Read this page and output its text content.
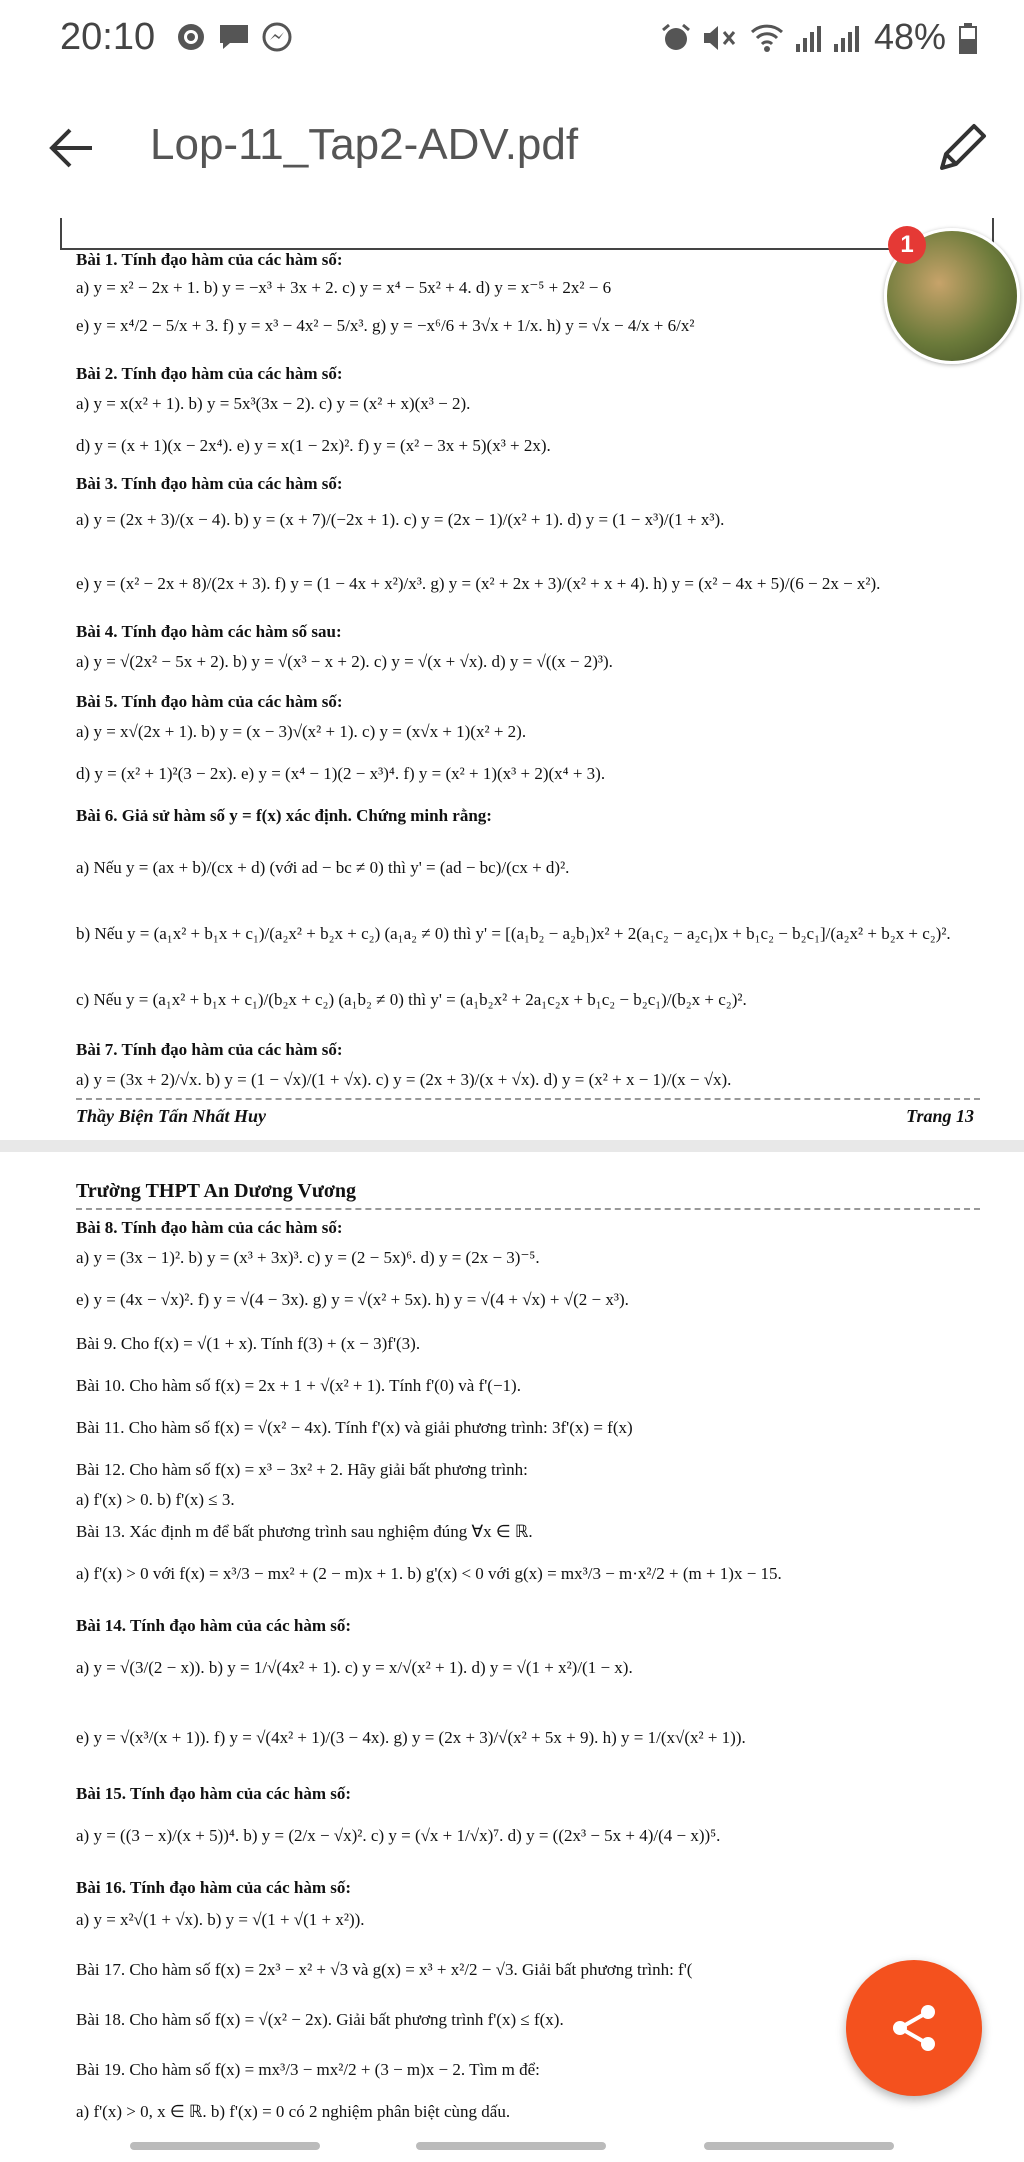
20:10	48%
Lop-11_Tap2-ADV.pdf
Bài 1. Tính đạo hàm của các hàm số:
a) y = x² − 2x + 1. b) y = −x³ + 3x + 2. c) y = x⁴ − 5x² + 4. d) y = x⁻⁵ + 2x² − 6
e) y = x⁴/2 − 5/x + 3. f) y = x³ − 4x² − 5/x³. g) y = −x⁶/6 + 3√x + 1/x. h) y = √x − 4/x + 6/x²
Bài 2. Tính đạo hàm của các hàm số:
a) y = x(x² + 1). b) y = 5x³(3x − 2). c) y = (x² + x)(x³ − 2).
d) y = (x + 1)(x − 2x⁴). e) y = x(1 − 2x)². f) y = (x² − 3x + 5)(x³ + 2x).
Bài 3. Tính đạo hàm của các hàm số:
a) y = (2x + 3)/(x − 4). b) y = (x + 7)/(−2x + 1). c) y = (2x − 1)/(x² + 1). d) y = (1 − x³)/(1 + x³).
e) y = (x² − 2x + 8)/(2x + 3). f) y = (1 − 4x + x²)/x³. g) y = (x² + 2x + 3)/(x² + x + 4). h) y = (x² − 4x + 5)/(6 − 2x − x²).
Bài 4. Tính đạo hàm các hàm số sau:
a) y = √(2x² − 5x + 2). b) y = √(x³ − x + 2). c) y = √(x + √x). d) y = √((x − 2)³).
Bài 5. Tính đạo hàm của các hàm số:
a) y = x√(2x + 1). b) y = (x − 3)√(x² + 1). c) y = (x√x + 1)(x² + 2).
d) y = (x² + 1)²(3 − 2x). e) y = (x⁴ − 1)(2 − x³)⁴. f) y = (x² + 1)(x³ + 2)(x⁴ + 3).
Bài 6. Giả sử hàm số y = f(x) xác định. Chứng minh rằng:
a) Nếu y = (ax + b)/(cx + d) (với ad − bc ≠ 0) thì y' = (ad − bc)/(cx + d)².
b) Nếu y = (a₁x² + b₁x + c₁)/(a₂x² + b₂x + c₂) (a₁a₂ ≠ 0) thì y' = [(a₁b₂ − a₂b₁)x² + 2(a₁c₂ − a₂c₁)x + b₁c₂ − b₂c₁]/(a₂x² + b₂x + c₂)².
c) Nếu y = (a₁x² + b₁x + c₁)/(b₂x + c₂) (a₁b₂ ≠ 0) thì y' = (a₁b₂x² + 2a₁c₂x + b₁c₂ − b₂c₁)/(b₂x + c₂)².
Bài 7. Tính đạo hàm của các hàm số:
a) y = (3x + 2)/√x. b) y = (1 − √x)/(1 + √x). c) y = (2x + 3)/(x + √x). d) y = (x² + x − 1)/(x − √x).
Thầy Biện Tấn Nhất Huy	Trang 13
Trường THPT An Dương Vương
Bài 8. Tính đạo hàm của các hàm số:
a) y = (3x − 1)². b) y = (x³ + 3x)³. c) y = (2 − 5x)⁶. d) y = (2x − 3)⁻⁵.
e) y = (4x − √x)². f) y = √(4 − 3x). g) y = √(x² + 5x). h) y = √(4 + √x) + √(2 − x³).
Bài 9. Cho f(x) = √(1 + x). Tính f(3) + (x − 3)f'(3).
Bài 10. Cho hàm số f(x) = 2x + 1 + √(x² + 1). Tính f'(0) và f'(−1).
Bài 11. Cho hàm số f(x) = √(x² − 4x). Tính f'(x) và giải phương trình: 3f'(x) = f(x)
Bài 12. Cho hàm số f(x) = x³ − 3x² + 2. Hãy giải bất phương trình:
a) f'(x) > 0. b) f'(x) ≤ 3.
Bài 13. Xác định m để bất phương trình sau nghiệm đúng ∀x ∈ ℝ.
a) f'(x) > 0 với f(x) = x³/3 − mx² + (2 − m)x + 1. b) g'(x) < 0 với g(x) = mx³/3 − m·x²/2 + (m + 1)x − 15.
Bài 14. Tính đạo hàm của các hàm số:
a) y = √(3/(2 − x)). b) y = 1/√(4x² + 1). c) y = x/√(x² + 1). d) y = √(1 + x²)/(1 − x).
e) y = √(x³/(x + 1)). f) y = √(4x² + 1)/(3 − 4x). g) y = (2x + 3)/√(x² + 5x + 9). h) y = 1/(x√(x² + 1)).
Bài 15. Tính đạo hàm của các hàm số:
a) y = ((3 − x)/(x + 5))⁴. b) y = (2/x − √x)². c) y = (√x + 1/√x)⁷. d) y = ((2x³ − 5x + 4)/(4 − x))⁵.
Bài 16. Tính đạo hàm của các hàm số:
a) y = x²√(1 + √x). b) y = √(1 + √(1 + x²)).
Bài 17. Cho hàm số f(x) = 2x³ − x² + √3 và g(x) = x³ + x²/2 − √3. Giải bất phương trình: f'(
Bài 18. Cho hàm số f(x) = √(x² − 2x). Giải bất phương trình f'(x) ≤ f(x).
Bài 19. Cho hàm số f(x) = mx³/3 − mx²/2 + (3 − m)x − 2. Tìm m để:
a) f'(x) > 0, x ∈ ℝ. b) f'(x) = 0 có 2 nghiệm phân biệt cùng dấu.
1
